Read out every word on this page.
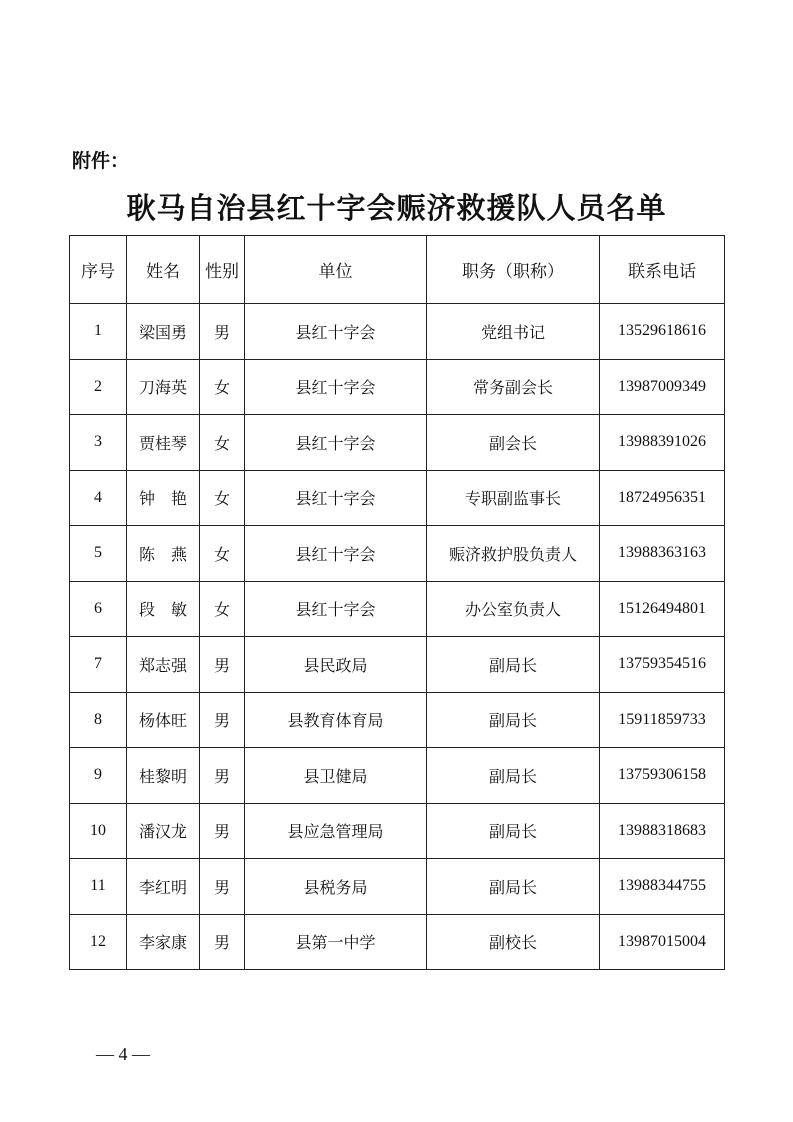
附件：
耿马自治县红十字会赈济救援队人员名单
序号	姓名	性别	单位	职务（职称）	联系电话
1	梁国勇	男	县红十字会	党组书记	13529618616
2	刀海英	女	县红十字会	常务副会长	13987009349
3	贾桂琴	女	县红十字会	副会长	13988391026
4	钟　艳	女	县红十字会	专职副监事长	18724956351
5	陈　燕	女	县红十字会	赈济救护股负责人	13988363163
6	段　敏	女	县红十字会	办公室负责人	15126494801
7	郑志强	男	县民政局	副局长	13759354516
8	杨体旺	男	县教育体育局	副局长	15911859733
9	桂黎明	男	县卫健局	副局长	13759306158
10	潘汉龙	男	县应急管理局	副局长	13988318683
11	李红明	男	县税务局	副局长	13988344755
12	李家康	男	县第一中学	副校长	13987015004
— 4 —
